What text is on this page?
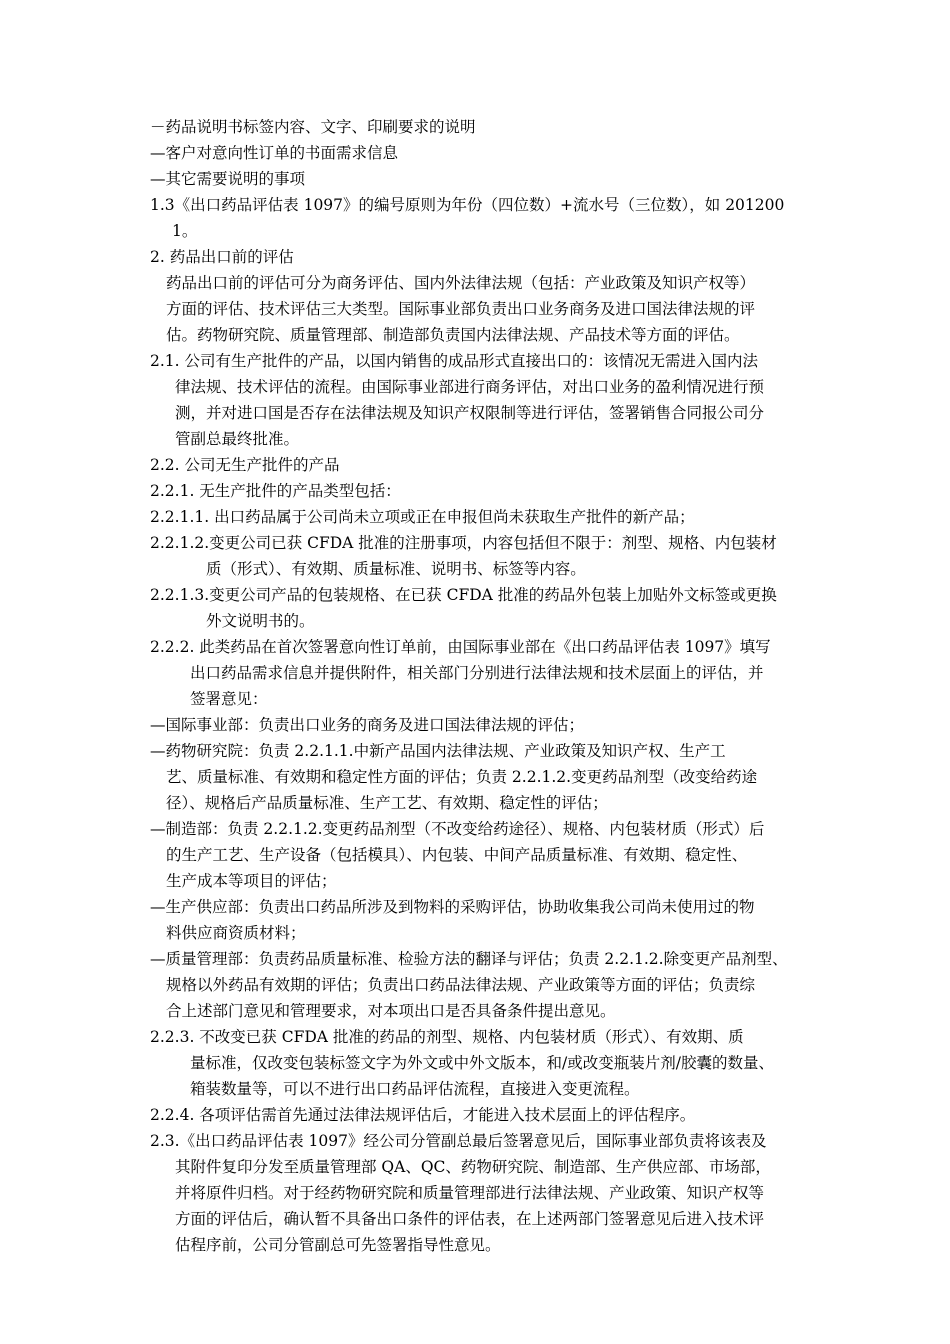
－药品说明书标签内容、文字、印刷要求的说明
—客户对意向性订单的书面需求信息
—其它需要说明的事项
1.3《出口药品评估表 1097》的编号原则为年份（四位数）+流水号（三位数），如 201200
1。
2. 药品出口前的评估
药品出口前的评估可分为商务评估、国内外法律法规（包括：产业政策及知识产权等）
方面的评估、技术评估三大类型。国际事业部负责出口业务商务及进口国法律法规的评
估。药物研究院、质量管理部、制造部负责国内法律法规、产品技术等方面的评估。
2.1. 公司有生产批件的产品，以国内销售的成品形式直接出口的：该情况无需进入国内法
律法规、技术评估的流程。由国际事业部进行商务评估，对出口业务的盈利情况进行预
测，并对进口国是否存在法律法规及知识产权限制等进行评估，签署销售合同报公司分
管副总最终批准。
2.2. 公司无生产批件的产品
2.2.1. 无生产批件的产品类型包括：
2.2.1.1. 出口药品属于公司尚未立项或正在申报但尚未获取生产批件的新产品；
2.2.1.2.变更公司已获 CFDA 批准的注册事项，内容包括但不限于：剂型、规格、内包装材
质（形式）、有效期、质量标准、说明书、标签等内容。
2.2.1.3.变更公司产品的包装规格、在已获 CFDA 批准的药品外包装上加贴外文标签或更换
外文说明书的。
2.2.2. 此类药品在首次签署意向性订单前，由国际事业部在《出口药品评估表 1097》填写
出口药品需求信息并提供附件，相关部门分别进行法律法规和技术层面上的评估，并
签署意见：
—国际事业部：负责出口业务的商务及进口国法律法规的评估；
—药物研究院：负责 2.2.1.1.中新产品国内法律法规、产业政策及知识产权、生产工
艺、质量标准、有效期和稳定性方面的评估；负责 2.2.1.2.变更药品剂型（改变给药途
径）、规格后产品质量标准、生产工艺、有效期、稳定性的评估；
—制造部：负责 2.2.1.2.变更药品剂型（不改变给药途径）、规格、内包装材质（形式）后
的生产工艺、生产设备（包括模具）、内包装、中间产品质量标准、有效期、稳定性、
生产成本等项目的评估；
—生产供应部：负责出口药品所涉及到物料的采购评估，协助收集我公司尚未使用过的物
料供应商资质材料；
—质量管理部：负责药品质量标准、检验方法的翻译与评估；负责 2.2.1.2.除变更产品剂型、
规格以外药品有效期的评估；负责出口药品法律法规、产业政策等方面的评估；负责综
合上述部门意见和管理要求，对本项出口是否具备条件提出意见。
2.2.3. 不改变已获 CFDA 批准的药品的剂型、规格、内包装材质（形式）、有效期、质
量标准，仅改变包装标签文字为外文或中外文版本，和/或改变瓶装片剂/胶囊的数量、
箱装数量等，可以不进行出口药品评估流程，直接进入变更流程。
2.2.4. 各项评估需首先通过法律法规评估后，才能进入技术层面上的评估程序。
2.3.《出口药品评估表 1097》经公司分管副总最后签署意见后，国际事业部负责将该表及
其附件复印分发至质量管理部 QA、QC、药物研究院、制造部、生产供应部、市场部，
并将原件归档。对于经药物研究院和质量管理部进行法律法规、产业政策、知识产权等
方面的评估后，确认暂不具备出口条件的评估表，在上述两部门签署意见后进入技术评
估程序前，公司分管副总可先签署指导性意见。
